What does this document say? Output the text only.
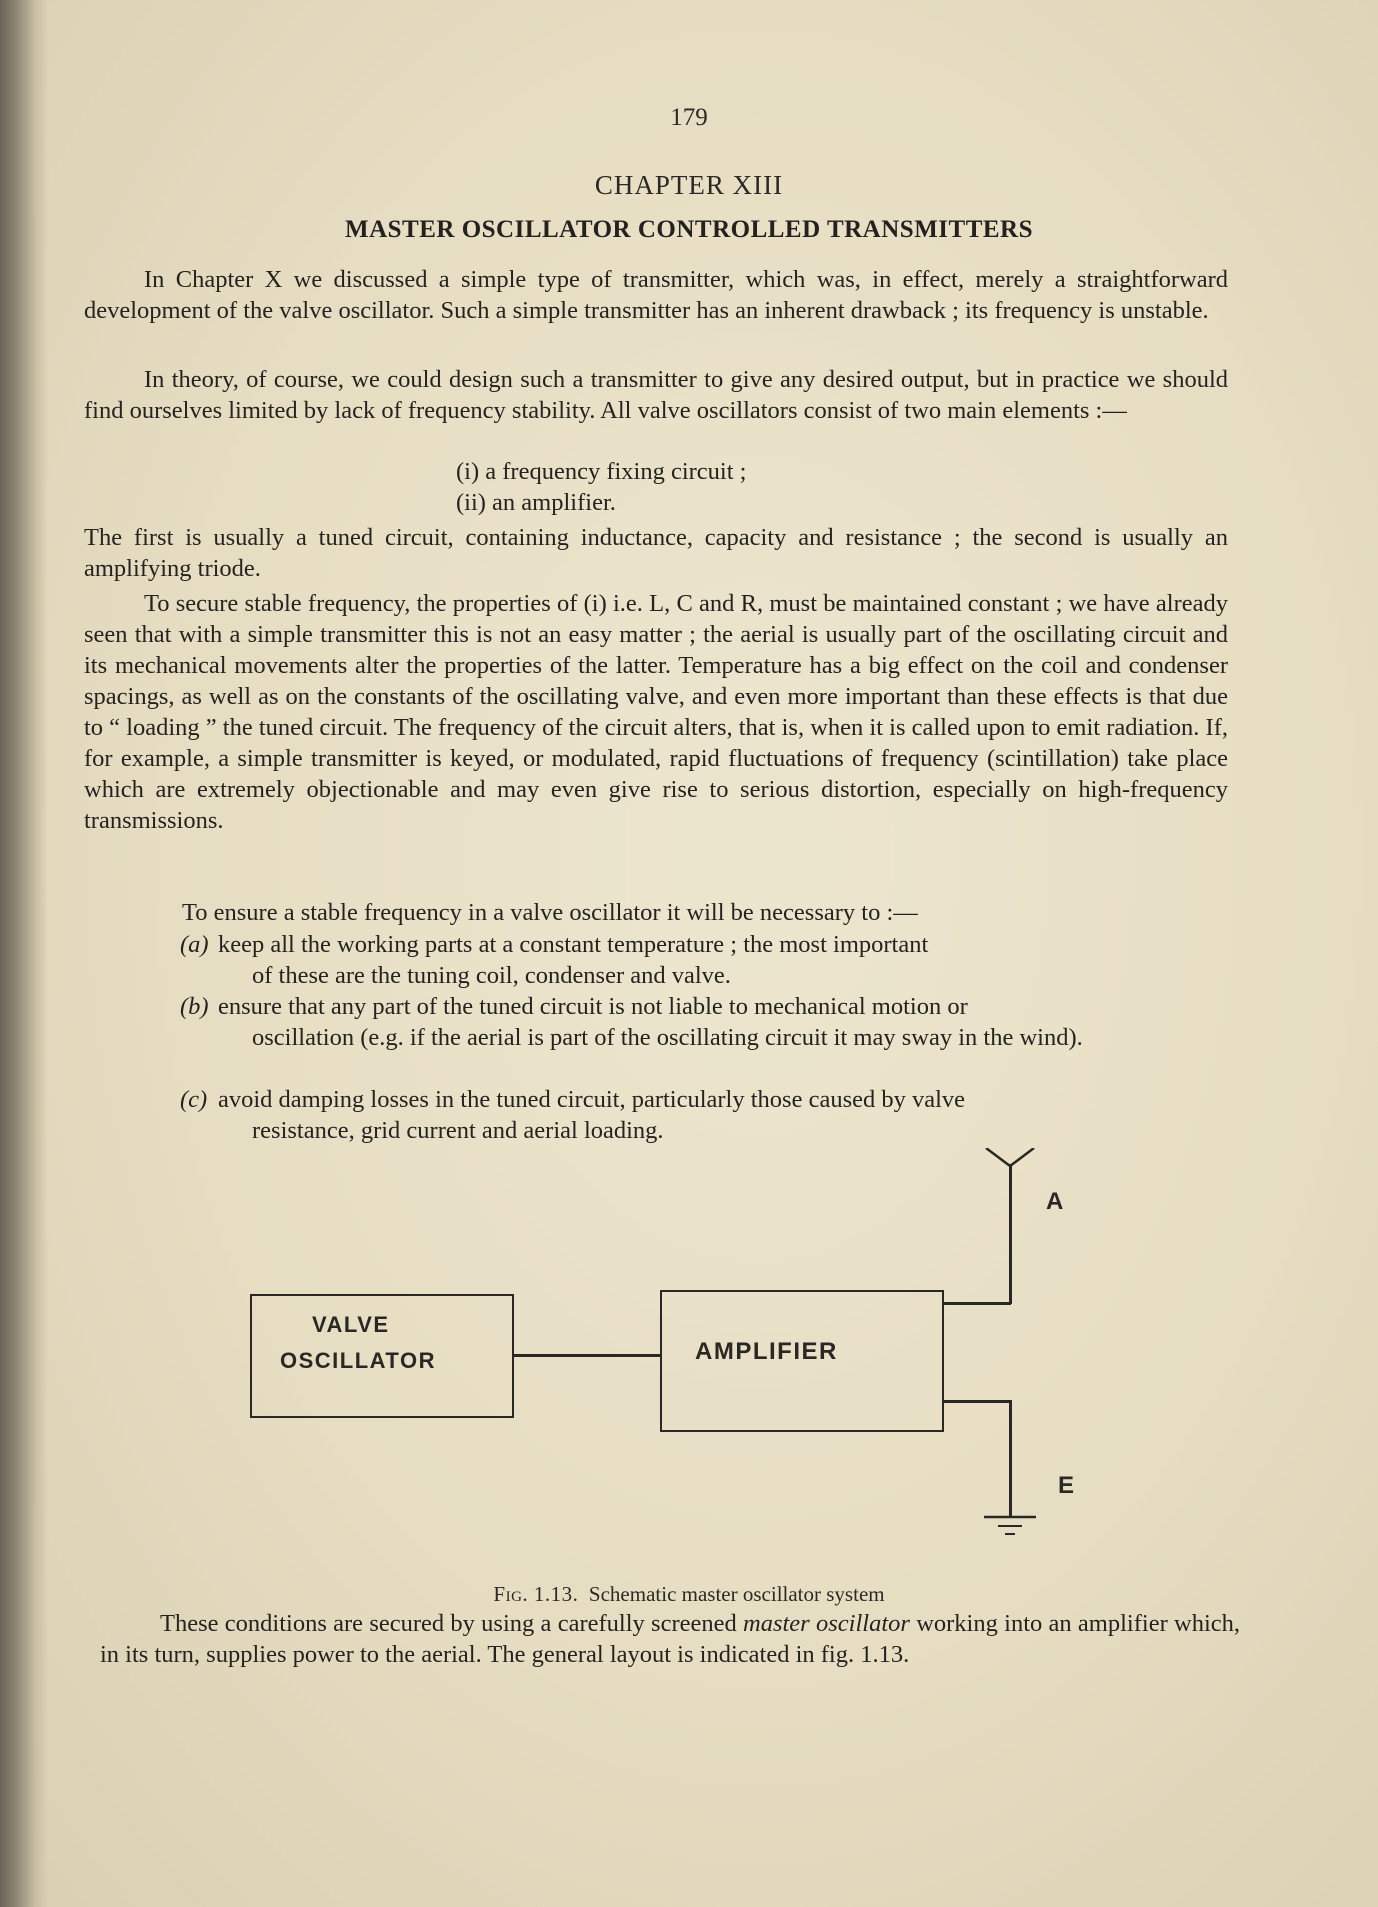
179
CHAPTER XIII
MASTER OSCILLATOR CONTROLLED TRANSMITTERS

In Chapter X we discussed a simple type of transmitter, which was, in effect, merely a straightforward development of the valve oscillator. Such a simple transmitter has an inherent drawback ; its frequency is unstable.

In theory, of course, we could design such a transmitter to give any desired output, but in practice we should find ourselves limited by lack of frequency stability. All valve oscillators consist of two main elements :—

(i) a frequency fixing circuit ;
(ii) an amplifier.

The first is usually a tuned circuit, containing inductance, capacity and resistance ; the second is usually an amplifying triode.

To secure stable frequency, the properties of (i) i.e. L, C and R, must be maintained constant ; we have already seen that with a simple transmitter this is not an easy matter ; the aerial is usually part of the oscillating circuit and its mechanical movements alter the properties of the latter. Temperature has a big effect on the coil and condenser spacings, as well as on the constants of the oscillating valve, and even more important than these effects is that due to “ loading ” the tuned circuit. The frequency of the circuit alters, that is, when it is called upon to emit radiation. If, for example, a simple transmitter is keyed, or modulated, rapid fluctuations of frequency (scintillation) take place which are extremely objectionable and may even give rise to serious distortion, especially on high-frequency transmissions.

To ensure a stable frequency in a valve oscillator it will be necessary to :—
(a) keep all the working parts at a constant temperature ; the most important
of these are the tuning coil, condenser and valve.
(b) ensure that any part of the tuned circuit is not liable to mechanical motion or
oscillation (e.g. if the aerial is part of the oscillating circuit it may sway in the wind).
(c) avoid damping losses in the tuned circuit, particularly those caused by valve
resistance, grid current and aerial loading.
VALVE
OSCILLATOR	AMPLIFIER
A
E
Fig. 1.13. Schematic master oscillator system

These conditions are secured by using a carefully screened master oscillator working into an amplifier which, in its turn, supplies power to the aerial. The general layout is indicated in fig. 1.13.
